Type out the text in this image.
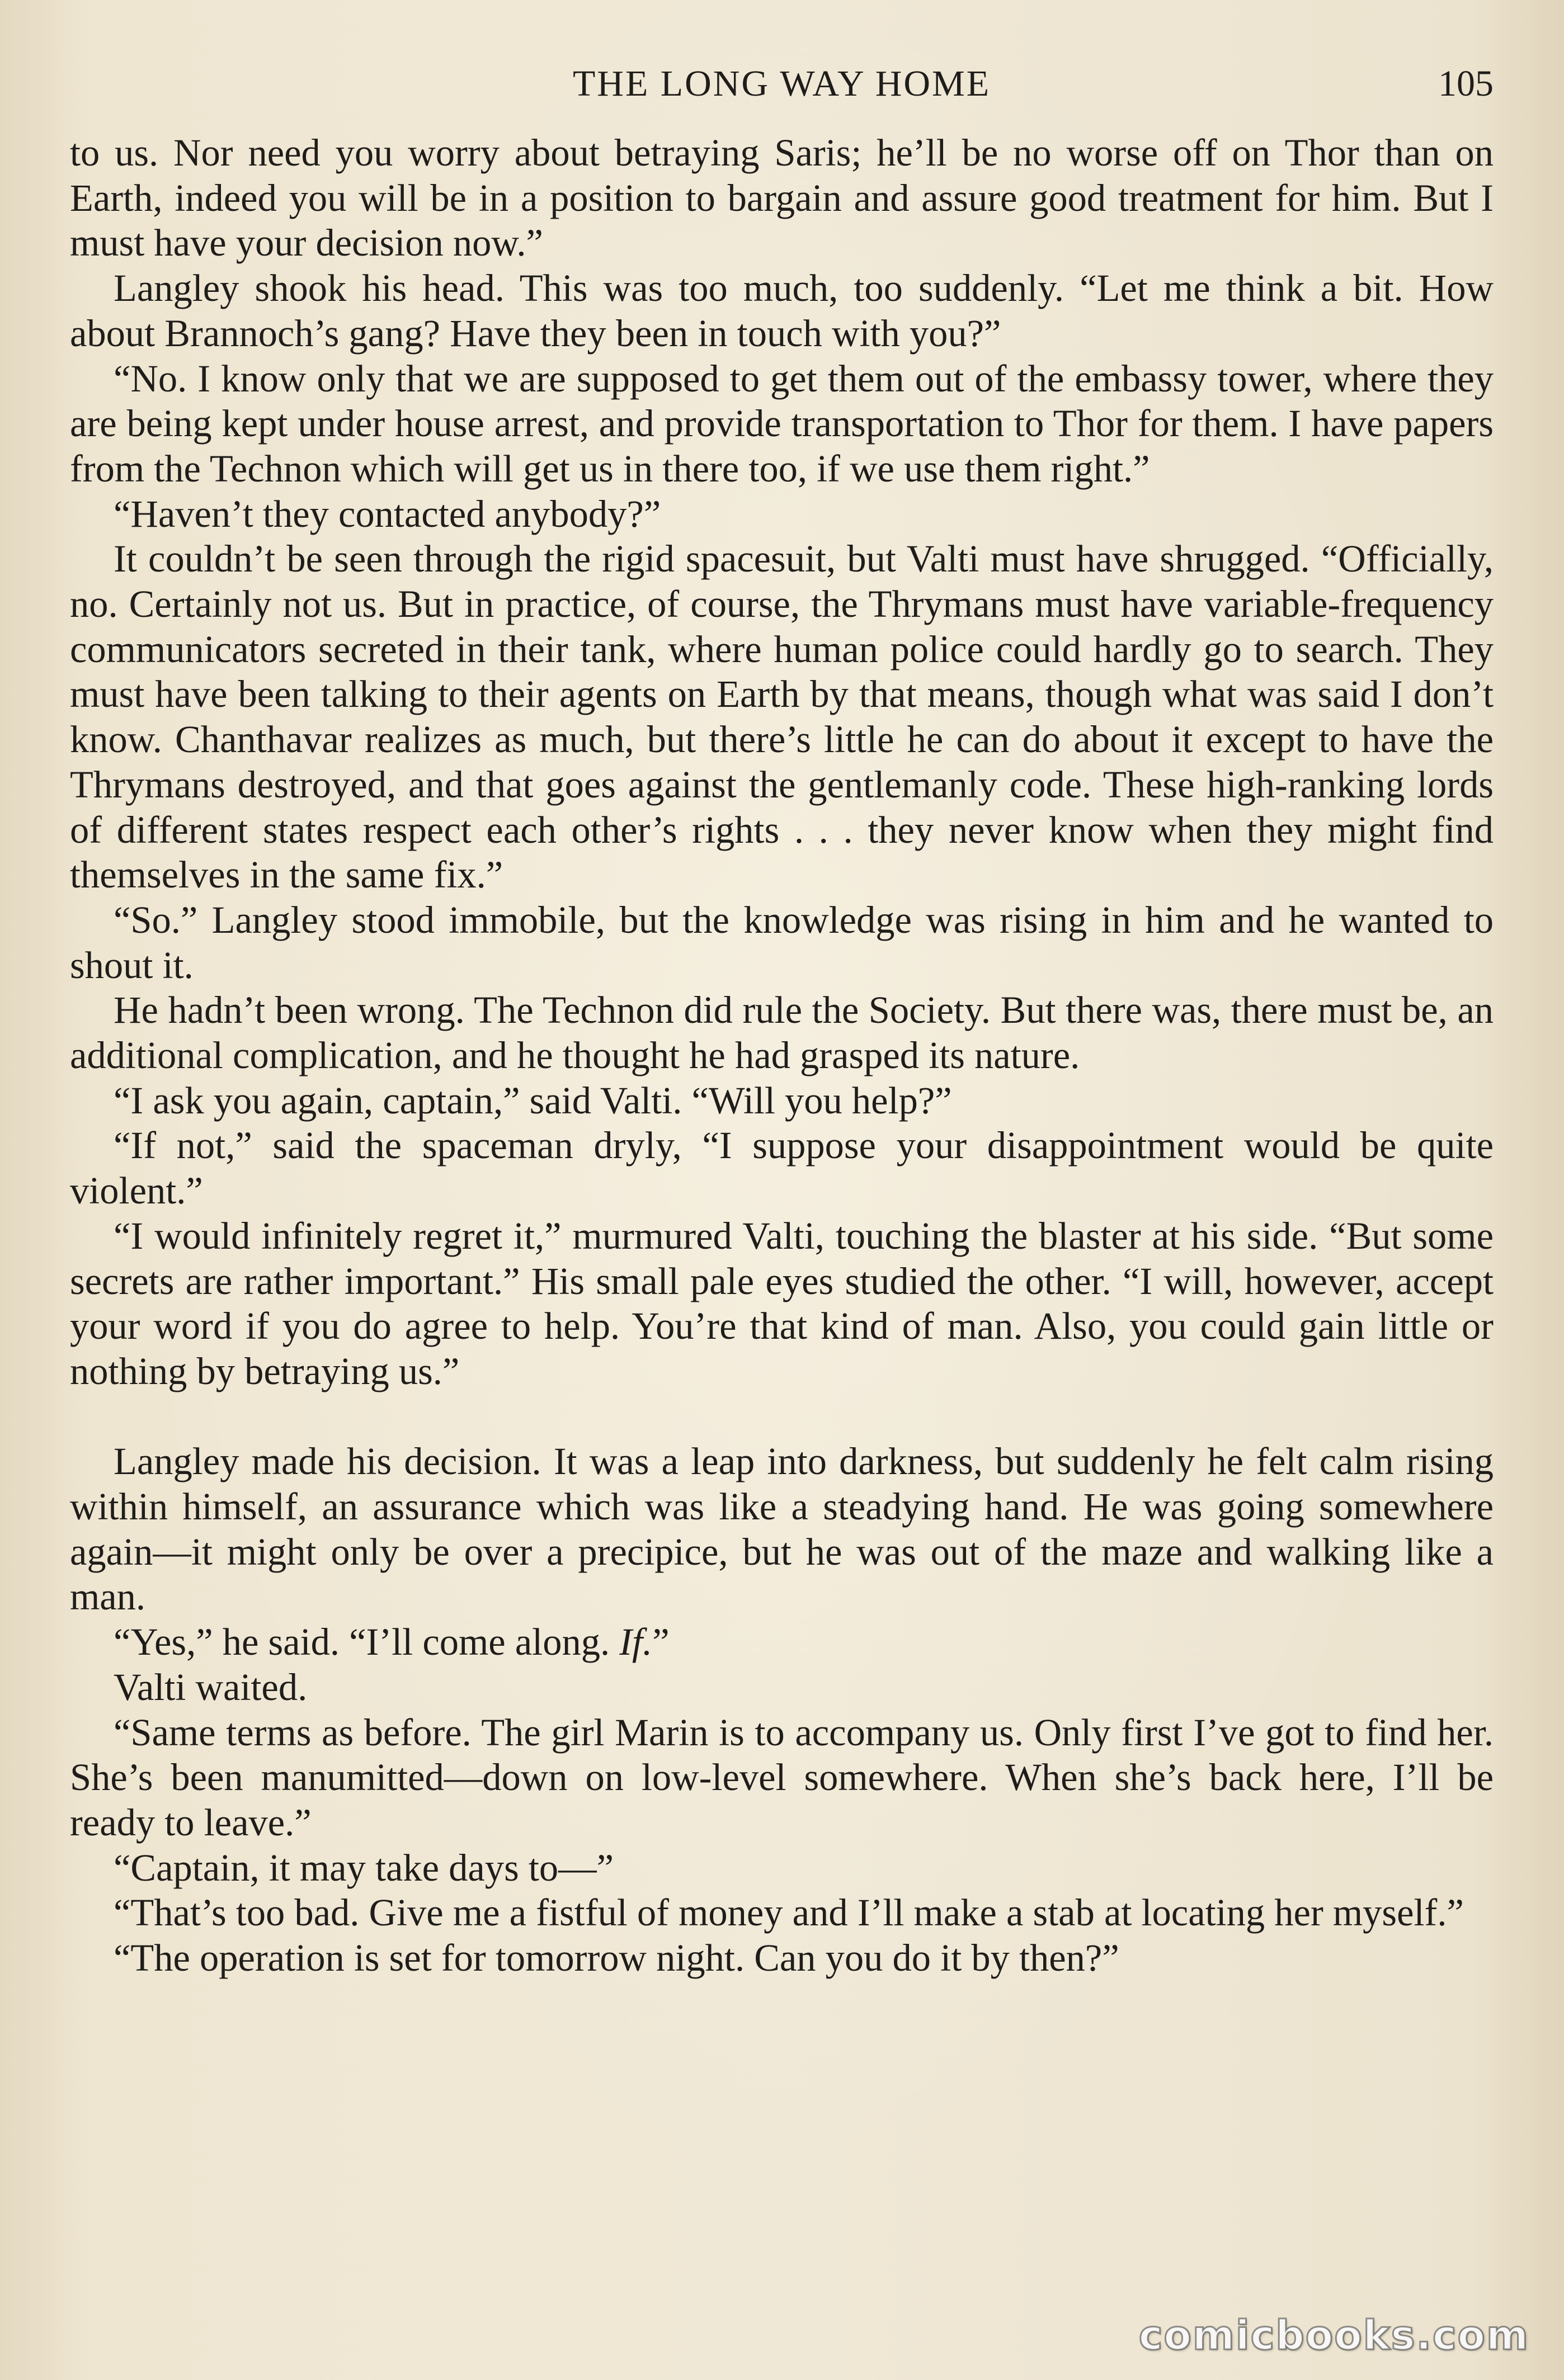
THE LONG WAY HOME	105

to us. Nor need you worry about betraying Saris; he’ll be no worse off on Thor than on Earth, indeed you will be in a position to bargain and assure good treatment for him. But I must have your decision now.”

Langley shook his head. This was too much, too suddenly. “Let me think a bit. How about Brannoch’s gang? Have they been in touch with you?”

“No. I know only that we are supposed to get them out of the embassy tower, where they are being kept under house arrest, and provide transportation to Thor for them. I have papers from the Technon which will get us in there too, if we use them right.”

“Haven’t they contacted anybody?”

It couldn’t be seen through the rigid spacesuit, but Valti must have shrugged. “Officially, no. Certainly not us. But in practice, of course, the Thrymans must have variable-frequency communicators secreted in their tank, where human police could hardly go to search. They must have been talking to their agents on Earth by that means, though what was said I don’t know. Chanthavar realizes as much, but there’s little he can do about it except to have the Thrymans destroyed, and that goes against the gentlemanly code. These high-ranking lords of different states respect each other’s rights . . . they never know when they might find themselves in the same fix.”

“So.” Langley stood immobile, but the knowledge was rising in him and he wanted to shout it.

He hadn’t been wrong. The Technon did rule the Society. But there was, there must be, an additional complication, and he thought he had grasped its nature.

“I ask you again, captain,” said Valti. “Will you help?”

“If not,” said the spaceman dryly, “I suppose your disappointment would be quite violent.”

“I would infinitely regret it,” murmured Valti, touching the blaster at his side. “But some secrets are rather important.” His small pale eyes studied the other. “I will, however, accept your word if you do agree to help. You’re that kind of man. Also, you could gain little or nothing by betraying us.”

Langley made his decision. It was a leap into darkness, but suddenly he felt calm rising within himself, an assurance which was like a steadying hand. He was going somewhere again—it might only be over a precipice, but he was out of the maze and walking like a man.

“Yes,” he said. “I’ll come along. If.”

Valti waited.

“Same terms as before. The girl Marin is to accompany us. Only first I’ve got to find her. She’s been manumitted—down on low-level somewhere. When she’s back here, I’ll be ready to leave.”

“Captain, it may take days to—”

“That’s too bad. Give me a fistful of money and I’ll make a stab at locating her myself.”

“The operation is set for tomorrow night. Can you do it by then?”

comicbooks.com
